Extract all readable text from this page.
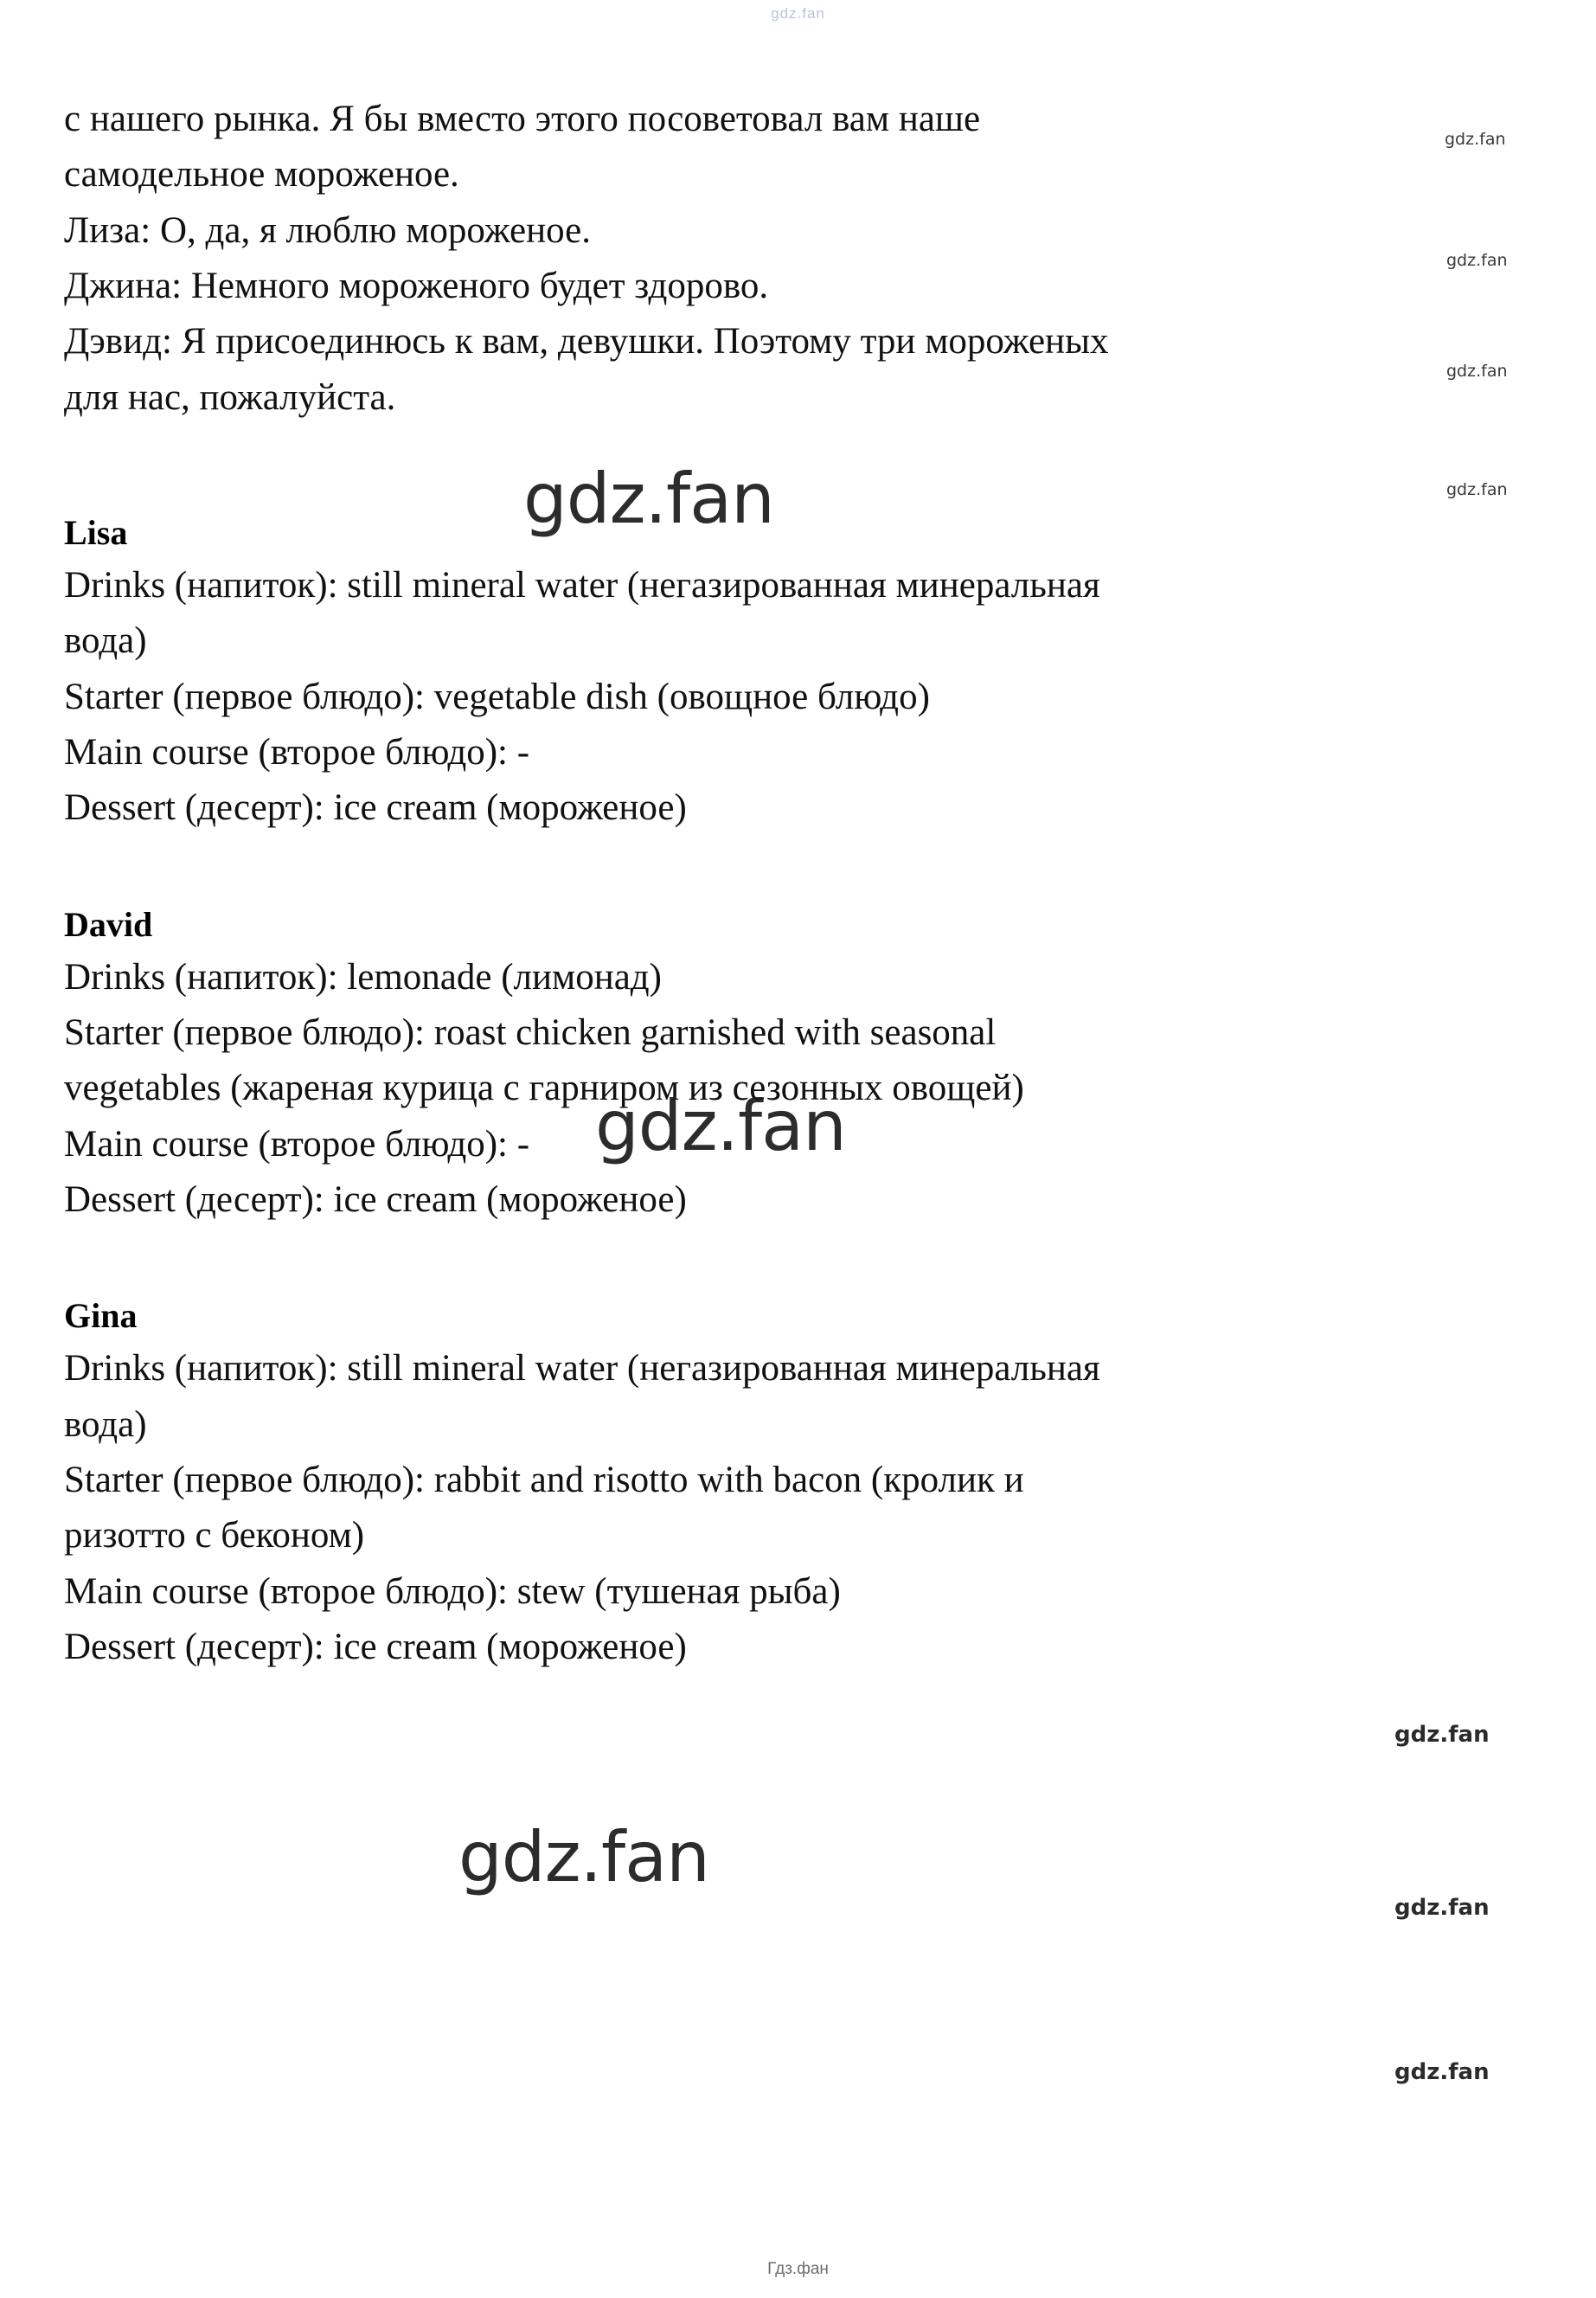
gdz.fan

с нашего рынка. Я бы вместо этого посоветовал вам наше

самодельное мороженое.

Лиза: О, да, я люблю мороженое.

Джина: Немного мороженого будет здорово.

Дэвид: Я присоединюсь к вам, девушки. Поэтому три мороженых

для нас, пожалуйста.

Lisa

Drinks (напиток): still mineral water (негазированная минеральная

вода)

Starter (первое блюдо): vegetable dish (овощное блюдо)

Main course (второе блюдо): -

Dessert (десерт): ice cream (мороженое)

David

Drinks (напиток): lemonade (лимонад)

Starter (первое блюдо): roast chicken garnished with seasonal

vegetables (жареная курица с гарниром из сезонных овощей)

Main course (второе блюдо): -

Dessert (десерт): ice cream (мороженое)

Gina

Drinks (напиток): still mineral water (негазированная минеральная

вода)

Starter (первое блюдо): rabbit and risotto with bacon (кролик и

ризотто с беконом)

Main course (второе блюдо): stew (тушеная рыба)

Dessert (десерт): ice cream (мороженое)

gdz.fan
gdz.fan
gdz.fan
gdz.fan
gdz.fan
gdz.fan
gdz.fan
gdz.fan
gdz.fan
gdz.fan
Гдз.фан
